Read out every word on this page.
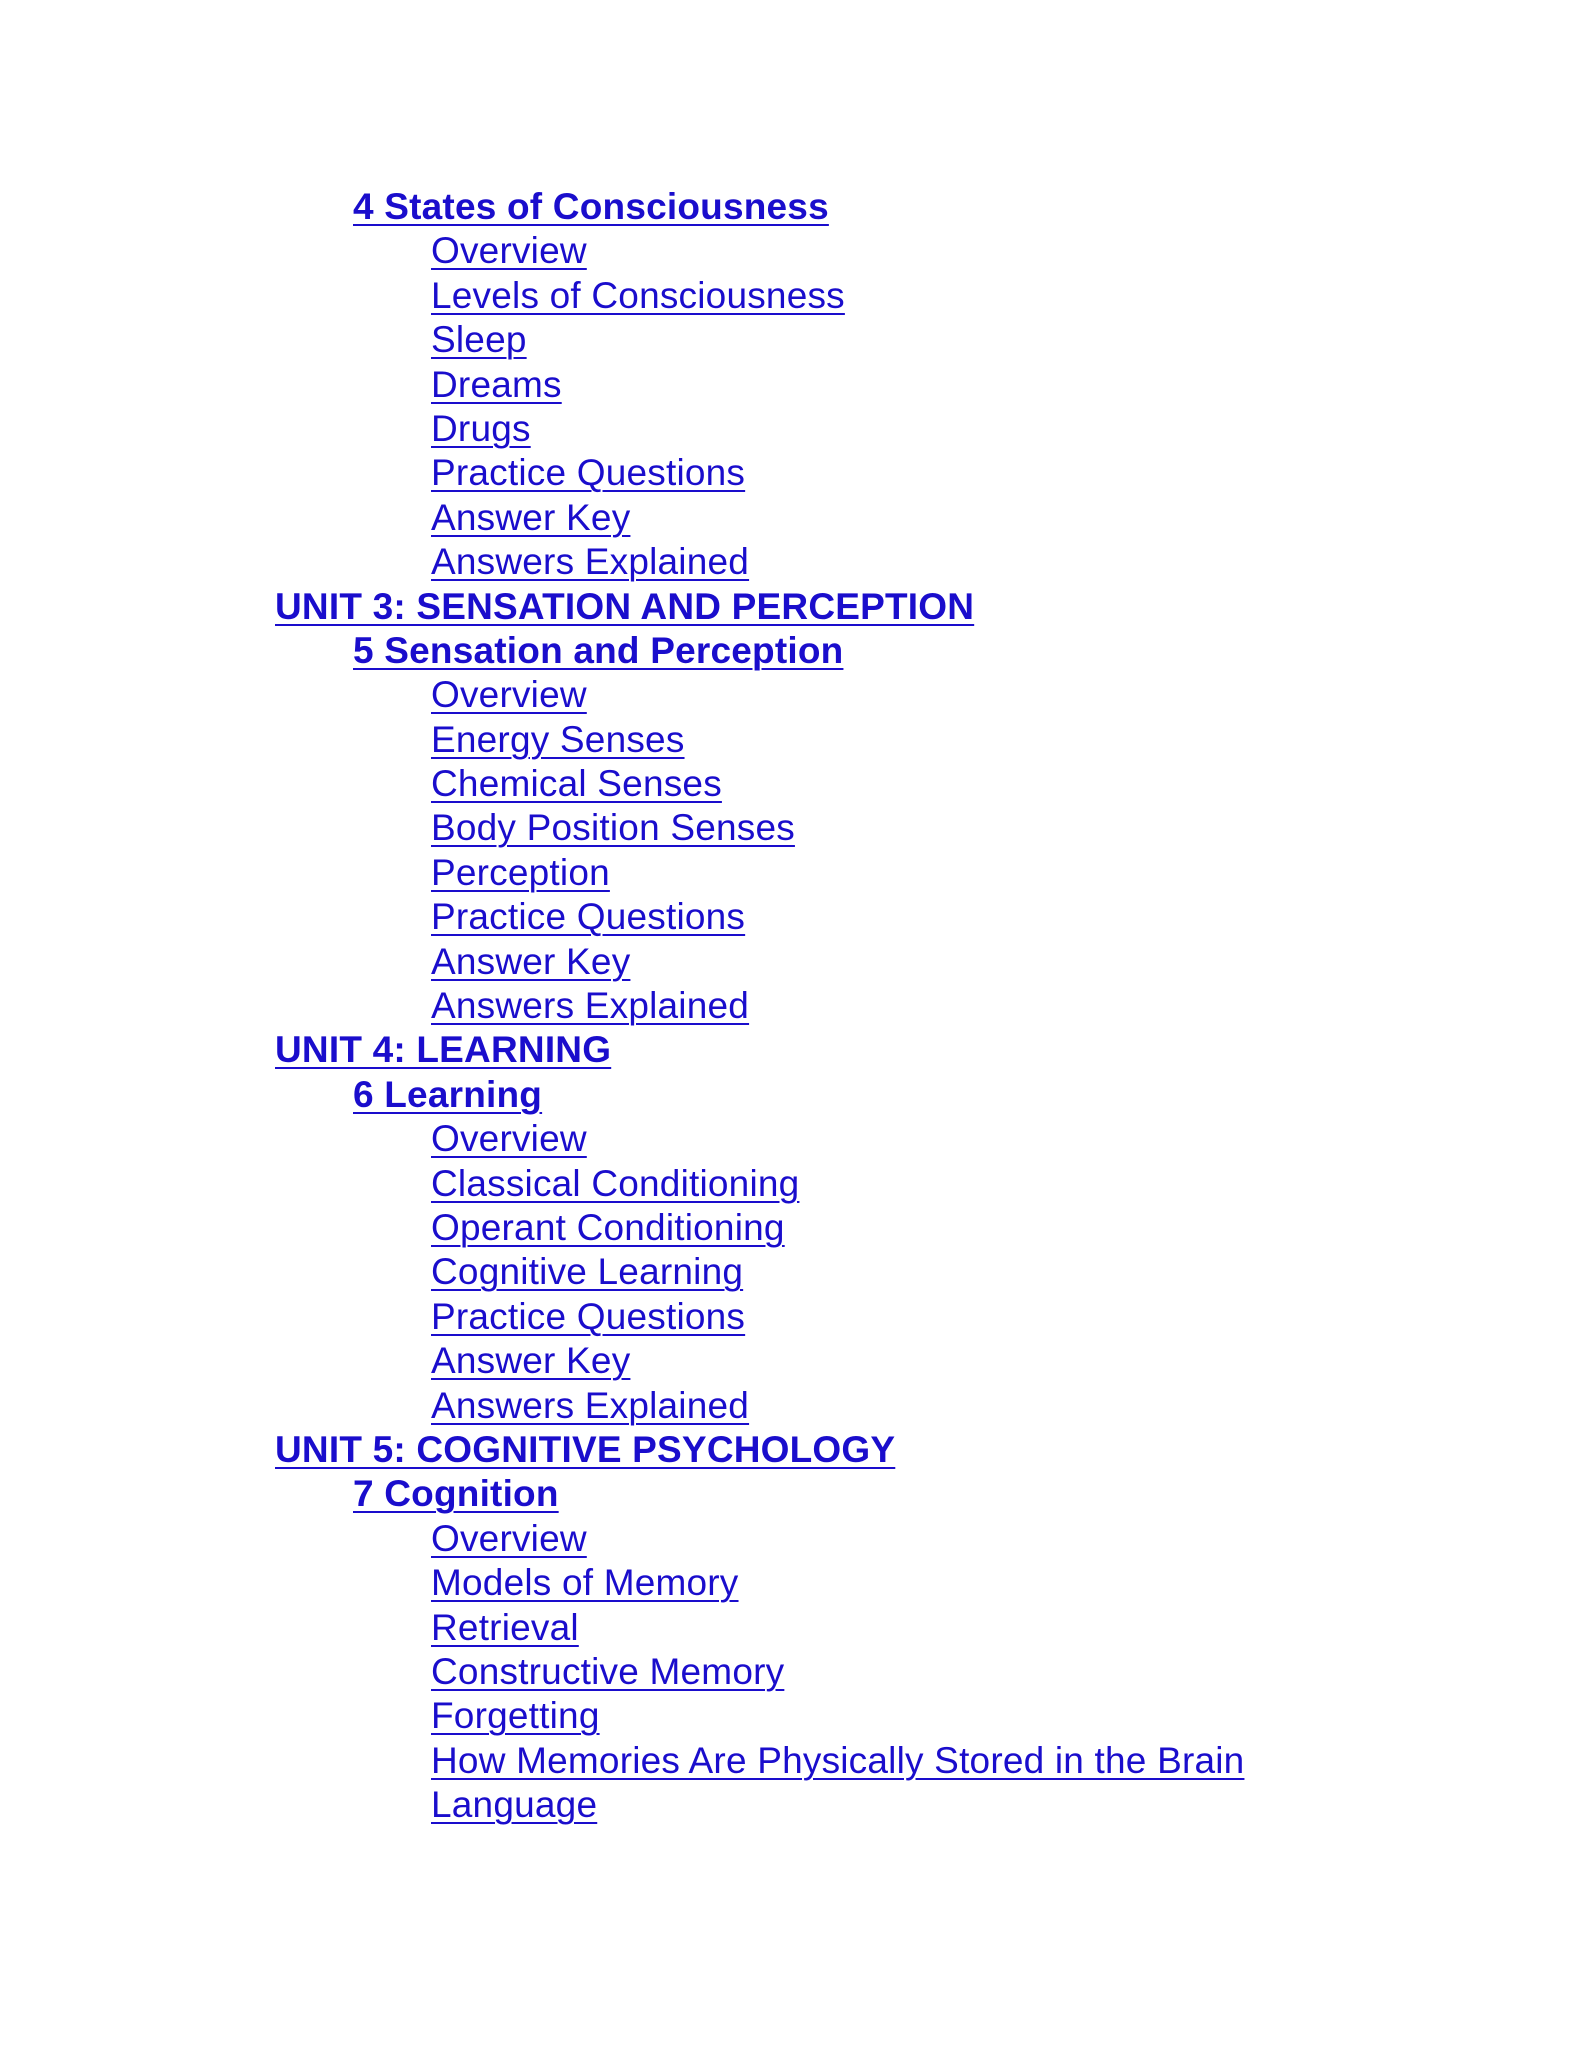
4 States of Consciousness
Overview
Levels of Consciousness
Sleep
Dreams
Drugs
Practice Questions
Answer Key
Answers Explained
UNIT 3: SENSATION AND PERCEPTION
5 Sensation and Perception
Overview
Energy Senses
Chemical Senses
Body Position Senses
Perception
Practice Questions
Answer Key
Answers Explained
UNIT 4: LEARNING
6 Learning
Overview
Classical Conditioning
Operant Conditioning
Cognitive Learning
Practice Questions
Answer Key
Answers Explained
UNIT 5: COGNITIVE PSYCHOLOGY
7 Cognition
Overview
Models of Memory
Retrieval
Constructive Memory
Forgetting
How Memories Are Physically Stored in the Brain
Language
